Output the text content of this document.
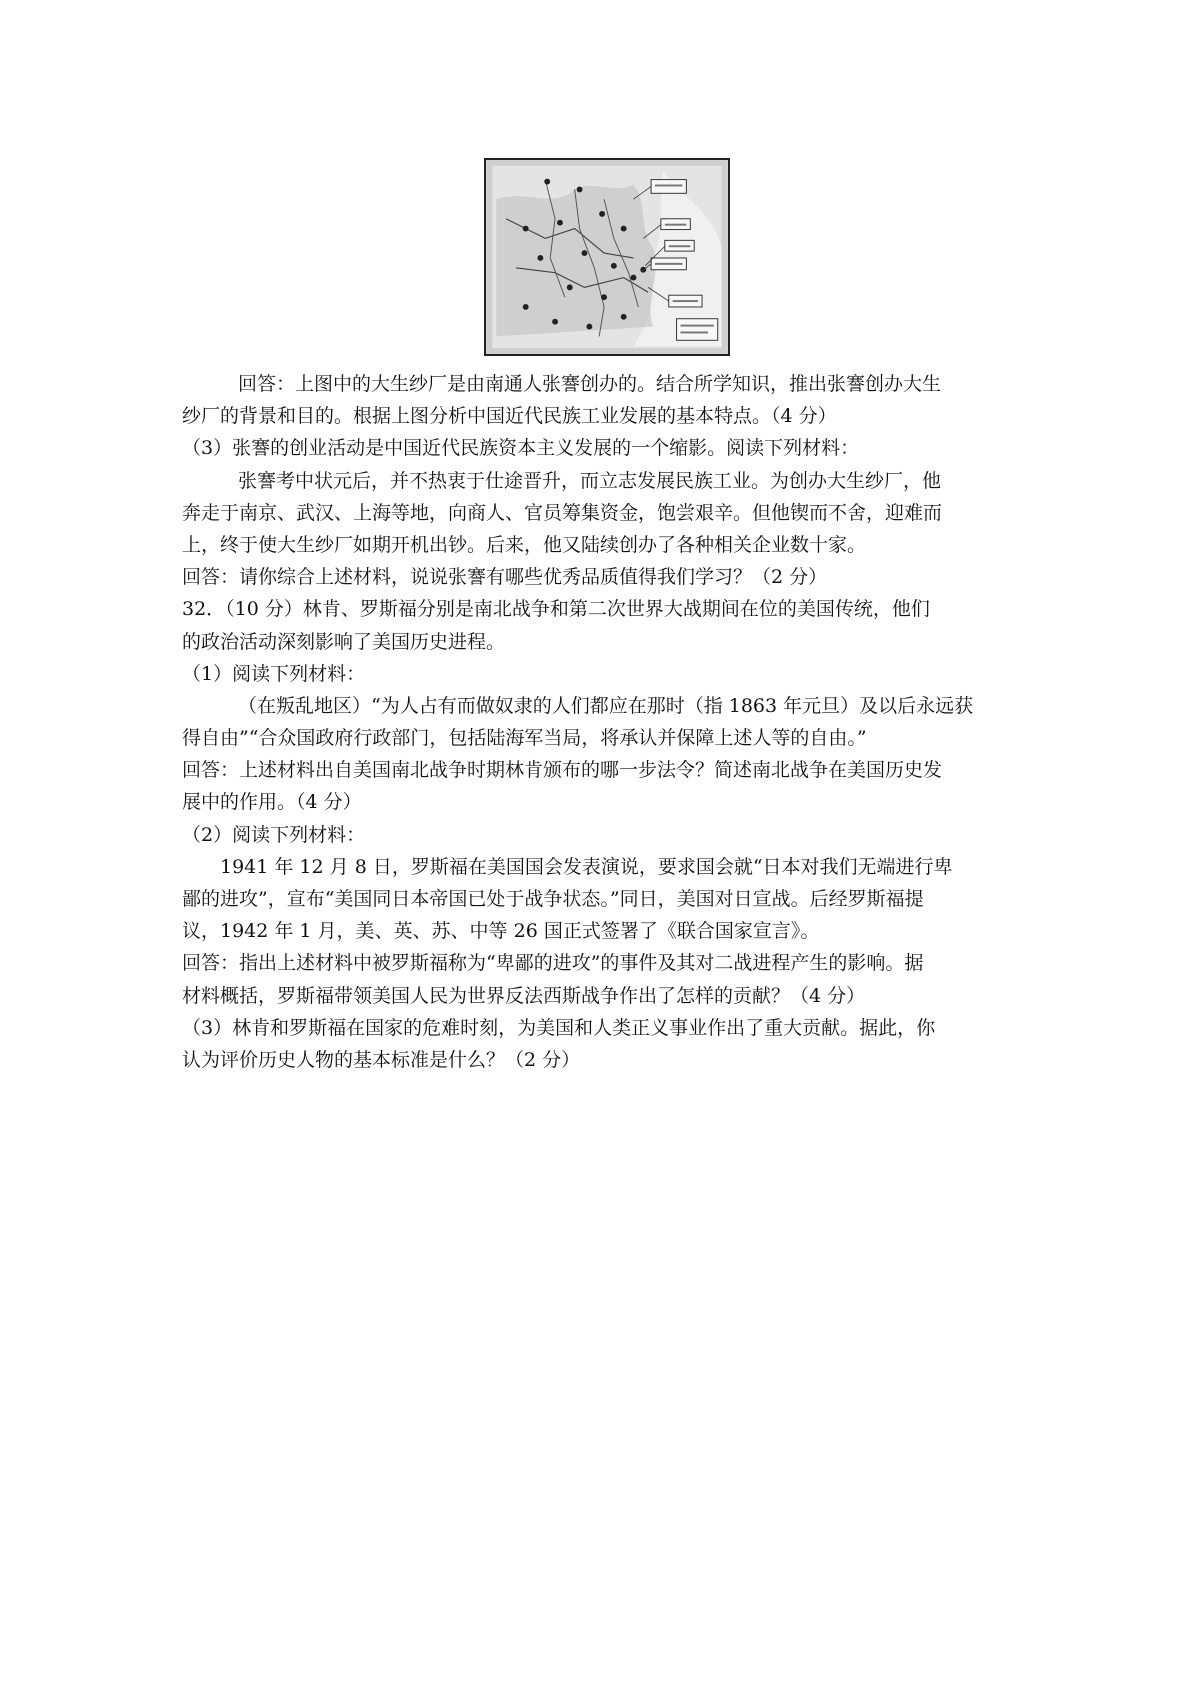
回答：上图中的大生纱厂是由南通人张謇创办的。结合所学知识，推出张謇创办大生
纱厂的背景和目的。根据上图分析中国近代民族工业发展的基本特点。（4 分）
（3）张謇的创业活动是中国近代民族资本主义发展的一个缩影。阅读下列材料：
张謇考中状元后，并不热衷于仕途晋升，而立志发展民族工业。为创办大生纱厂，他
奔走于南京、武汉、上海等地，向商人、官员筹集资金，饱尝艰辛。但他锲而不舍，迎难而
上，终于使大生纱厂如期开机出钞。后来，他又陆续创办了各种相关企业数十家。
回答：请你综合上述材料，说说张謇有哪些优秀品质值得我们学习？（2 分）
32．（10 分）林肯、罗斯福分别是南北战争和第二次世界大战期间在位的美国传统，他们
的政治活动深刻影响了美国历史进程。
（1）阅读下列材料：
（在叛乱地区）“为人占有而做奴隶的人们都应在那时（指 1863 年元旦）及以后永远获
得自由”“合众国政府行政部门，包括陆海军当局，将承认并保障上述人等的自由。”
回答：上述材料出自美国南北战争时期林肯颁布的哪一步法令？简述南北战争在美国历史发
展中的作用。（4 分）
（2）阅读下列材料：
1941 年 12 月 8 日，罗斯福在美国国会发表演说，要求国会就“日本对我们无端进行卑
鄙的进攻”，宣布“美国同日本帝国已处于战争状态。”同日，美国对日宣战。后经罗斯福提
议，1942 年 1 月，美、英、苏、中等 26 国正式签署了《联合国家宣言》。
回答：指出上述材料中被罗斯福称为“卑鄙的进攻”的事件及其对二战进程产生的影响。据
材料概括，罗斯福带领美国人民为世界反法西斯战争作出了怎样的贡献？（4 分）
（3）林肯和罗斯福在国家的危难时刻，为美国和人类正义事业作出了重大贡献。据此，你
认为评价历史人物的基本标准是什么？（2 分）
